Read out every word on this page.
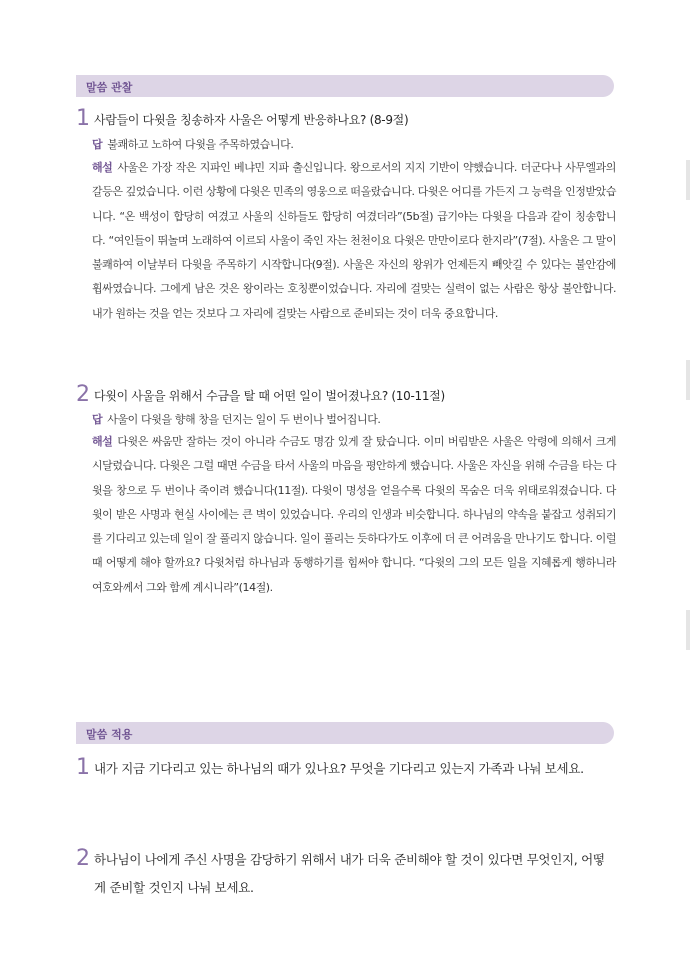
말씀 관찰
1 사람들이 다윗을 칭송하자 사울은 어떻게 반응하나요? (8-9절)
답 불쾌하고 노하여 다윗을 주목하였습니다.
해설 사울은 가장 작은 지파인 베냐민 지파 출신입니다. 왕으로서의 지지 기반이 약했습니다. 더군다나 사무엘과의 갈등은 깊었습니다. 이런 상황에 다윗은 민족의 영웅으로 떠올랐습니다. 다윗은 어디를 가든지 그 능력을 인정받았습니다. “온 백성이 합당히 여겼고 사울의 신하들도 합당히 여겼더라”(5b절) 급기야는 다윗을 다음과 같이 칭송합니다. “여인들이 뛰놀며 노래하여 이르되 사울이 죽인 자는 천천이요 다윗은 만만이로다 한지라”(7절). 사울은 그 말이 불쾌하여 이날부터 다윗을 주목하기 시작합니다(9절). 사울은 자신의 왕위가 언제든지 빼앗길 수 있다는 불안감에 휩싸였습니다. 그에게 남은 것은 왕이라는 호칭뿐이었습니다. 자리에 걸맞는 실력이 없는 사람은 항상 불안합니다. 내가 원하는 것을 얻는 것보다 그 자리에 걸맞는 사람으로 준비되는 것이 더욱 중요합니다.
2 다윗이 사울을 위해서 수금을 탈 때 어떤 일이 벌어졌나요? (10-11절)
답 사울이 다윗을 향해 창을 던지는 일이 두 번이나 벌어집니다.
해설 다윗은 싸움만 잘하는 것이 아니라 수금도 명감 있게 잘 탔습니다. 이미 버림받은 사울은 악령에 의해서 크게 시달렸습니다. 다윗은 그럴 때면 수금을 타서 사울의 마음을 평안하게 했습니다. 사울은 자신을 위해 수금을 타는 다윗을 창으로 두 번이나 죽이려 했습니다(11절). 다윗이 명성을 얻을수록 다윗의 목숨은 더욱 위태로워졌습니다. 다윗이 받은 사명과 현실 사이에는 큰 벽이 있었습니다. 우리의 인생과 비슷합니다. 하나님의 약속을 붙잡고 성취되기를 기다리고 있는데 일이 잘 풀리지 않습니다. 일이 풀리는 듯하다가도 이후에 더 큰 어려움을 만나기도 합니다. 이럴 때 어떻게 해야 할까요? 다윗처럼 하나님과 동행하기를 힘써야 합니다. “다윗의 그의 모든 일을 지혜롭게 행하니라 여호와께서 그와 함께 계시니라”(14절).
말씀 적용
1 내가 지금 기다리고 있는 하나님의 때가 있나요? 무엇을 기다리고 있는지 가족과 나눠 보세요.
2 하나님이 나에게 주신 사명을 감당하기 위해서 내가 더욱 준비해야 할 것이 있다면 무엇인지, 어떻게 준비할 것인지 나눠 보세요.
